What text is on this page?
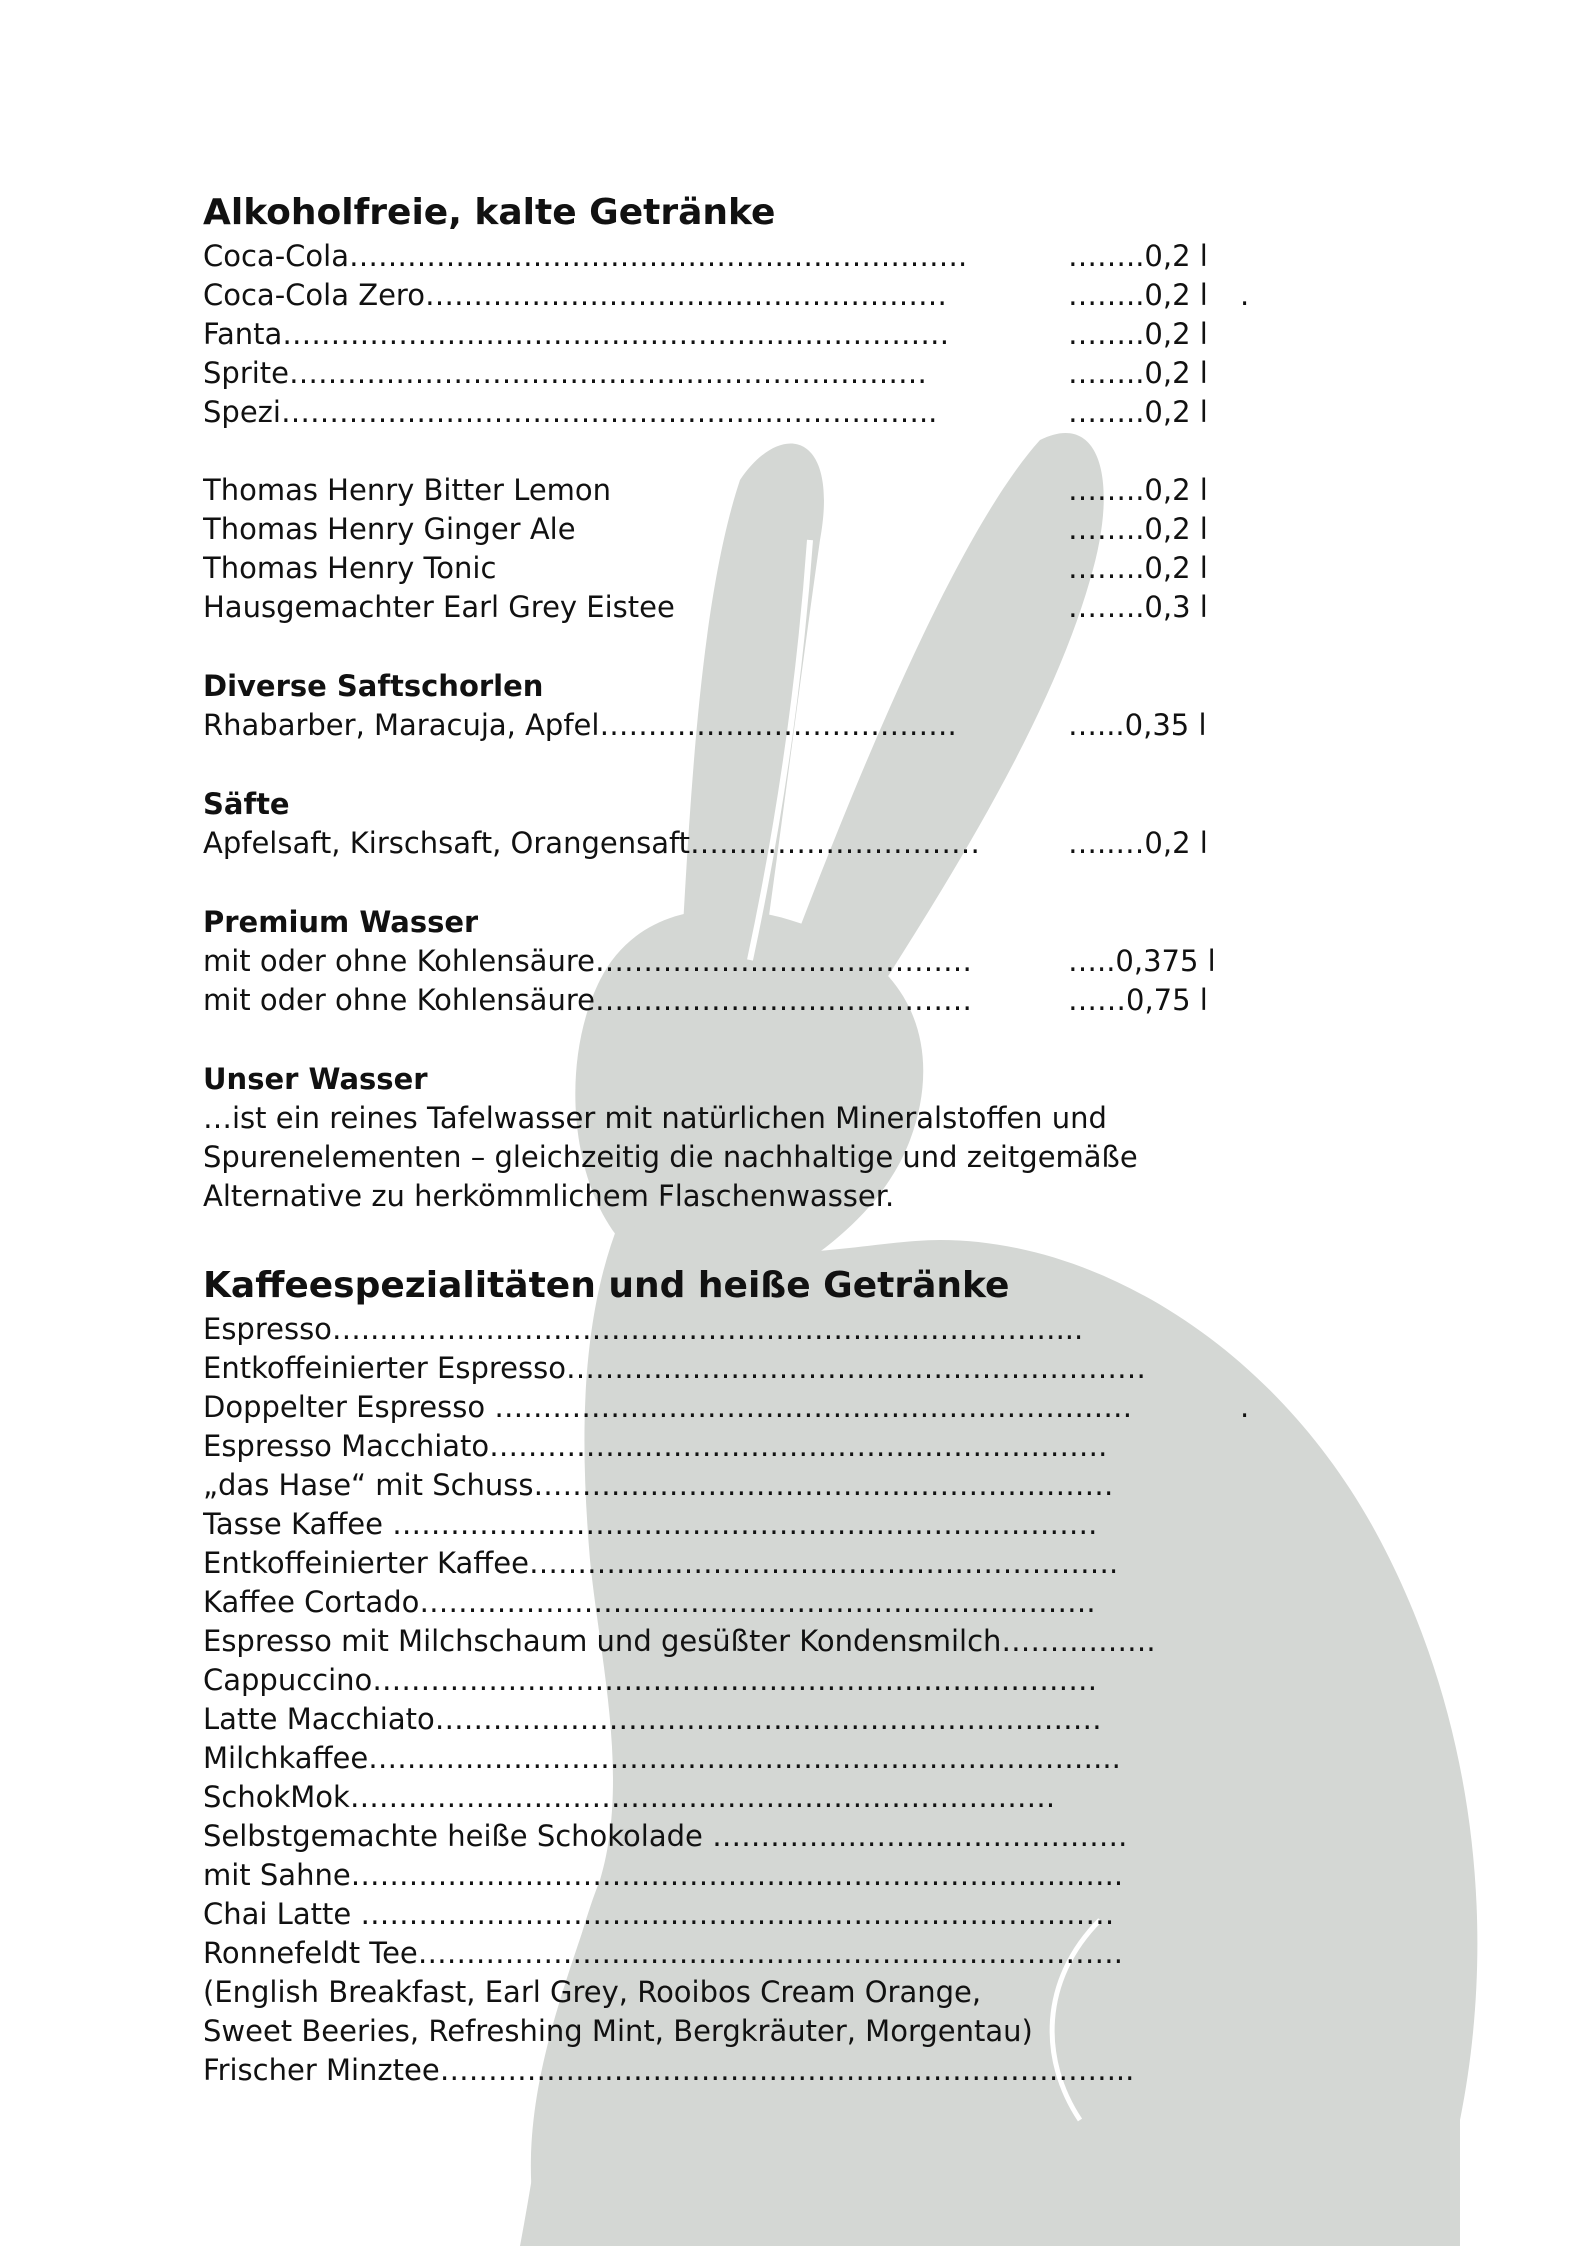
Alkoholfreie, kalte Getränke
Coca-Cola……………………………………………………….	……..0,2 l
Coca-Cola Zero………………………………………………	……..0,2 l .
Fanta……………………………………………………………	……..0,2 l
Sprite…………………………………………………………	……..0,2 l
Spezi…………………………………………………………..	……..0,2 l
Thomas Henry Bitter Lemon	……..0,2 l
Thomas Henry Ginger Ale	……..0,2 l
Thomas Henry Tonic	……..0,2 l
Hausgemachter Earl Grey Eistee	……..0,3 l
Diverse Saftschorlen
Rhabarber, Maracuja, Apfel……………………………….	…...0,35 l
Säfte
Apfelsaft, Kirschsaft, Orangensaft…………………………	…..…0,2 l
Premium Wasser
mit oder ohne Kohlensäure…………………………………	…..0,375 l
mit oder ohne Kohlensäure…………………………………	……0,75 l
Unser Wasser
…ist ein reines Tafelwasser mit natürlichen Mineralstoffen und
Spurenelementen – gleichzeitig die nachhaltige und zeitgemäße
Alternative zu herkömmlichem Flaschenwasser.
Kaffeespezialitäten und heiße Getränke
Espresso…...……………………………………………………………...
Entkoffeinierter Espresso……………………………………………………
Doppelter Espresso …………………………………………………………	.
Espresso Macchiato……………………………………………………….
„das Hase“ mit Schuss……………………………………………………
Tasse Kaffee ……………………………………………………………….
Entkoffeinierter Kaffee…………………………………………………….
Kaffee Cortado…………………………………………………………….
Espresso mit Milchschaum und gesüßter Kondensmilch…………….
Cappuccino…………………………………………………………………
Latte Macchiato……………………………………………………………
Milchkaffee…………………………………………………………………...
SchokMok……………………………………………………………….
Selbstgemachte heiße Schokolade …………………………………….
mit Sahne……………………………………………………………………..
Chai Latte ……………………………………………………………………
Ronnefeldt Tee……………………………………………………………….
(English Breakfast, Earl Grey, Rooibos Cream Orange,
Sweet Beeries, Refreshing Mint, Bergkräuter, Morgentau)
Frischer Minztee……………………………………………………………...
